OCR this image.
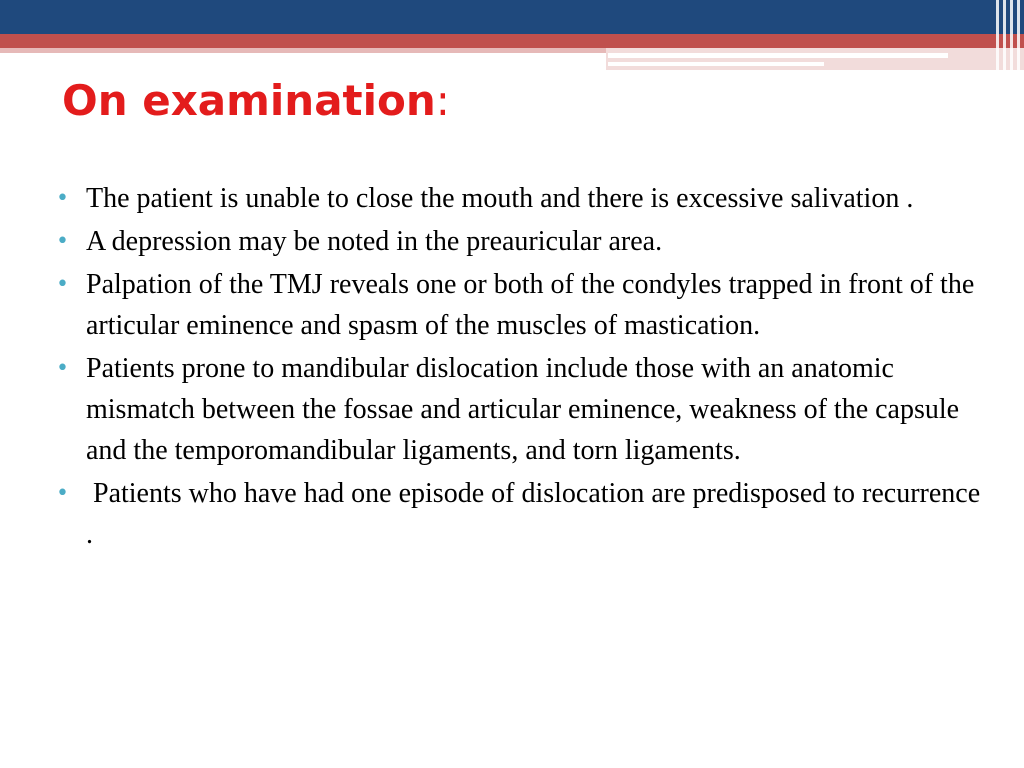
On examination:
• The patient is unable to close the mouth and there is excessive salivation .
• A depression may be noted in the preauricular area.
• Palpation of the TMJ reveals one or both of the condyles trapped in front of the articular eminence and spasm of the muscles of mastication.
• Patients prone to mandibular dislocation include those with an anatomic mismatch between the fossae and articular eminence, weakness of the capsule and the temporomandibular ligaments, and torn ligaments.
• Patients who have had one episode of dislocation are predisposed to recurrence .
